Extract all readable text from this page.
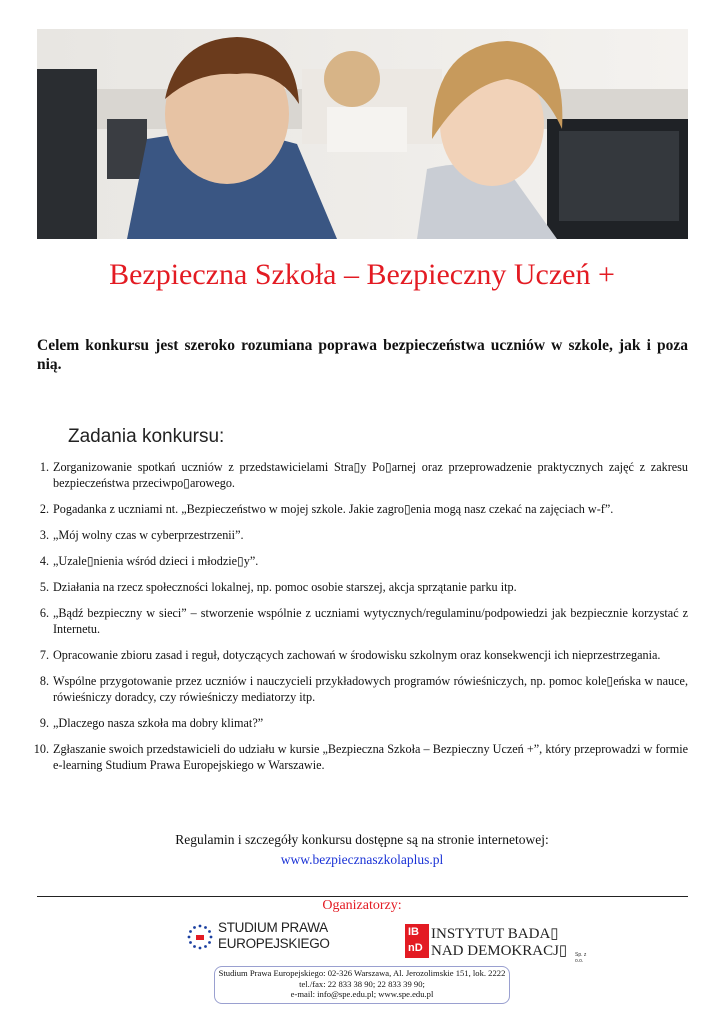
Bezpieczna Szkoła – Bezpieczny Uczeń +
Celem konkursu jest szeroko rozumiana poprawa bezpieczeństwa uczniów w szkole, jak i poza nią.
Zadania konkursu:
1. Zorganizowanie spotkań uczniów z przedstawicielami Stra▯y Po▯arnej oraz przeprowadzenie praktycznych zajęć z zakresu bezpieczeństwa przeciwpo▯arowego.
2. Pogadanka z uczniami nt. „Bezpieczeństwo w mojej szkole. Jakie zagro▯enia mogą nasz czekać na zajęciach w-f”.
3. „Mój wolny czas w cyberprzestrzenii”.
4. „Uzale▯nienia wśród dzieci i młodzie▯y”.
5. Działania na rzecz społeczności lokalnej, np. pomoc osobie starszej, akcja sprzątanie parku itp.
6. „Bądź bezpieczny w sieci” – stworzenie wspólnie z uczniami wytycznych/regulaminu/podpowiedzi jak bezpiecznie korzystać z Internetu.
7. Opracowanie zbioru zasad i reguł, dotyczących zachowań w środowisku szkolnym oraz konsekwencji ich nieprzestrzegania.
8. Wspólne przygotowanie przez uczniów i nauczycieli przykładowych programów rówieśniczych, np. pomoc kole▯eńska w nauce, rówieśniczy doradcy, czy rówieśniczy mediatorzy itp.
9. „Dlaczego nasza szkoła ma dobry klimat?”
10. Zgłaszanie swoich przedstawicieli do udziału w kursie „Bezpieczna Szkoła – Bezpieczny Uczeń +”, który przeprowadzi w formie e-learning Studium Prawa Europejskiego w Warszawie.
Regulamin i szczegóły konkursu dostępne są na stronie internetowej:
www.bezpiecznaszkolaplus.pl
Oganizatorzy:
STUDIUM PRAWA
EUROPEJSKIEGO
IB
nD
INSTYTUT BADA▯
NAD DEMOKRACJ▯ Sp. z o.o.
Studium Prawa Europejskiego: 02-326 Warszawa, Al. Jerozolimskie 151, lok. 2222
tel./fax: 22 833 38 90; 22 833 39 90;
e-mail: info@spe.edu.pl; www.spe.edu.pl
